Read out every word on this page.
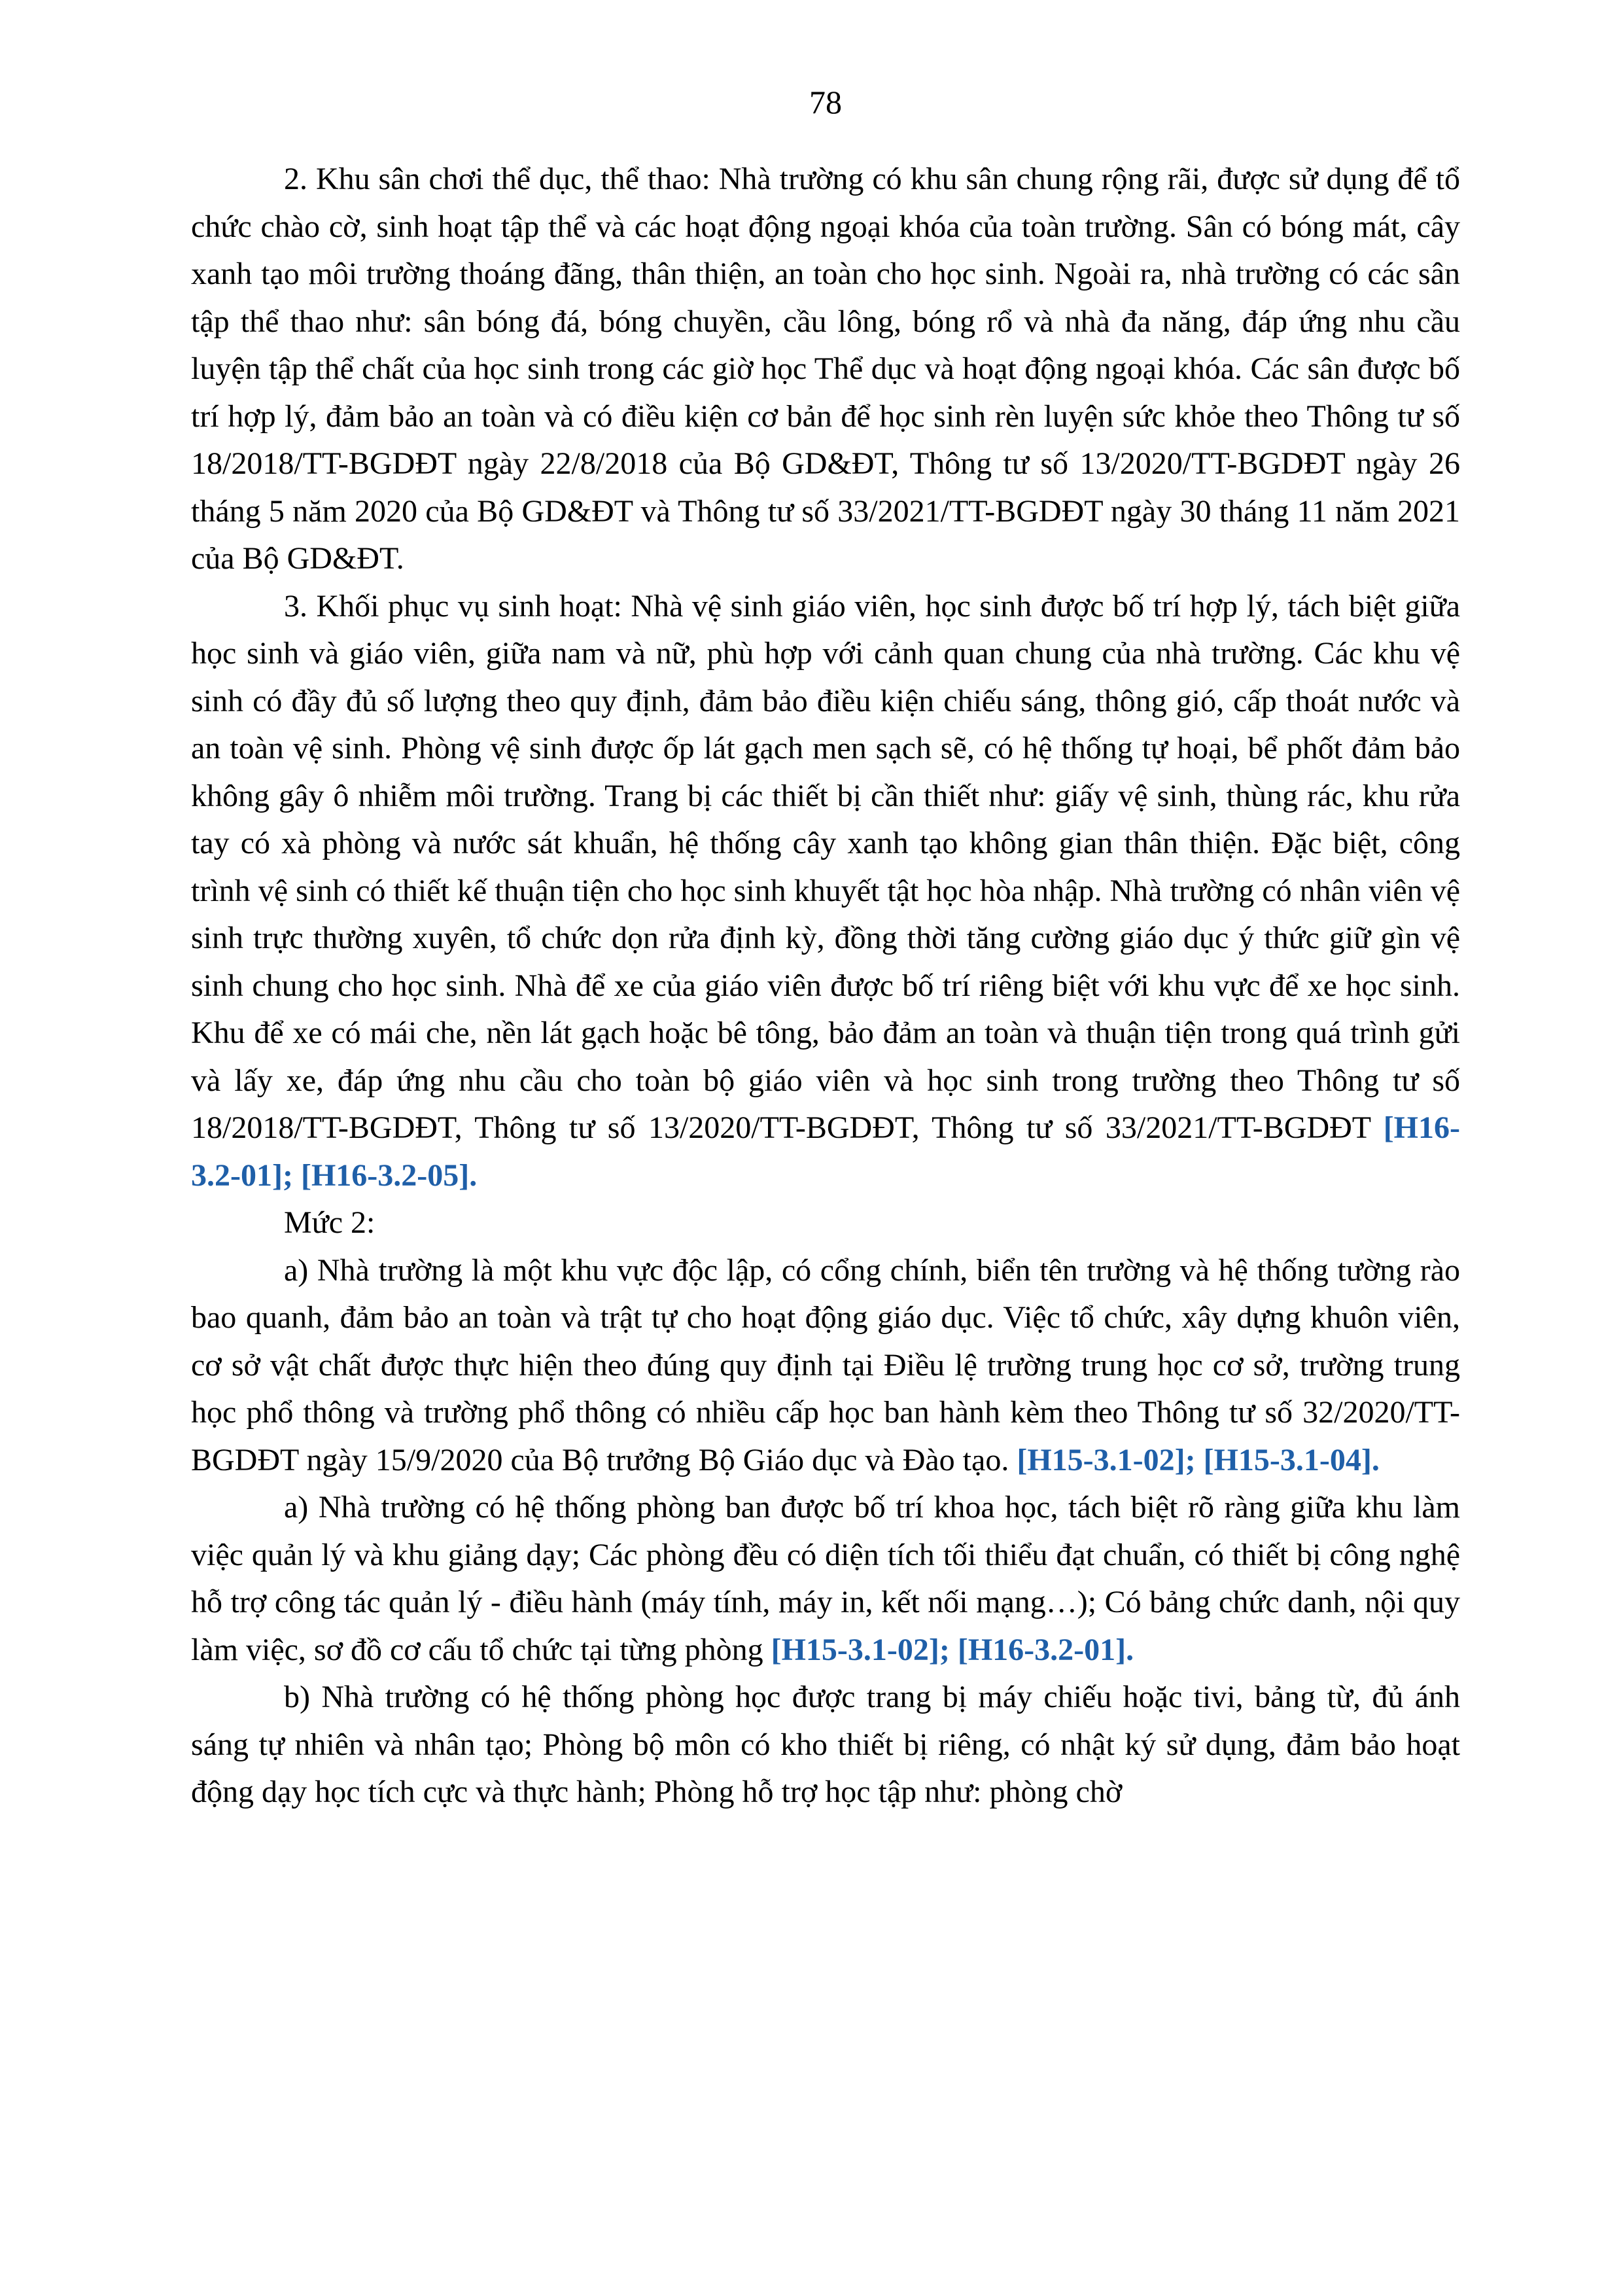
78

2. Khu sân chơi thể dục, thể thao: Nhà trường có khu sân chung rộng rãi, được sử dụng để tổ chức chào cờ, sinh hoạt tập thể và các hoạt động ngoại khóa của toàn trường. Sân có bóng mát, cây xanh tạo môi trường thoáng đãng, thân thiện, an toàn cho học sinh. Ngoài ra, nhà trường có các sân tập thể thao như: sân bóng đá, bóng chuyền, cầu lông, bóng rổ và nhà đa năng, đáp ứng nhu cầu luyện tập thể chất của học sinh trong các giờ học Thể dục và hoạt động ngoại khóa. Các sân được bố trí hợp lý, đảm bảo an toàn và có điều kiện cơ bản để học sinh rèn luyện sức khỏe theo Thông tư số 18/2018/TT-BGDĐT ngày 22/8/2018 của Bộ GD&ĐT, Thông tư số 13/2020/TT-BGDĐT ngày 26 tháng 5 năm 2020 của Bộ GD&ĐT và Thông tư số 33/2021/TT-BGDĐT ngày 30 tháng 11 năm 2021 của Bộ GD&ĐT.

3. Khối phục vụ sinh hoạt: Nhà vệ sinh giáo viên, học sinh được bố trí hợp lý, tách biệt giữa học sinh và giáo viên, giữa nam và nữ, phù hợp với cảnh quan chung của nhà trường. Các khu vệ sinh có đầy đủ số lượng theo quy định, đảm bảo điều kiện chiếu sáng, thông gió, cấp thoát nước và an toàn vệ sinh. Phòng vệ sinh được ốp lát gạch men sạch sẽ, có hệ thống tự hoại, bể phốt đảm bảo không gây ô nhiễm môi trường. Trang bị các thiết bị cần thiết như: giấy vệ sinh, thùng rác, khu rửa tay có xà phòng và nước sát khuẩn, hệ thống cây xanh tạo không gian thân thiện. Đặc biệt, công trình vệ sinh có thiết kế thuận tiện cho học sinh khuyết tật học hòa nhập. Nhà trường có nhân viên vệ sinh trực thường xuyên, tổ chức dọn rửa định kỳ, đồng thời tăng cường giáo dục ý thức giữ gìn vệ sinh chung cho học sinh. Nhà để xe của giáo viên được bố trí riêng biệt với khu vực để xe học sinh. Khu để xe có mái che, nền lát gạch hoặc bê tông, bảo đảm an toàn và thuận tiện trong quá trình gửi và lấy xe, đáp ứng nhu cầu cho toàn bộ giáo viên và học sinh trong trường theo Thông tư số 18/2018/TT-BGDĐT, Thông tư số 13/2020/TT-BGDĐT, Thông tư số 33/2021/TT-BGDĐT [H16-3.2-01]; [H16-3.2-05].

Mức 2:

a) Nhà trường là một khu vực độc lập, có cổng chính, biển tên trường và hệ thống tường rào bao quanh, đảm bảo an toàn và trật tự cho hoạt động giáo dục. Việc tổ chức, xây dựng khuôn viên, cơ sở vật chất được thực hiện theo đúng quy định tại Điều lệ trường trung học cơ sở, trường trung học phổ thông và trường phổ thông có nhiều cấp học ban hành kèm theo Thông tư số 32/2020/TT-BGDĐT ngày 15/9/2020 của Bộ trưởng Bộ Giáo dục và Đào tạo. [H15-3.1-02]; [H15-3.1-04].

a) Nhà trường có hệ thống phòng ban được bố trí khoa học, tách biệt rõ ràng giữa khu làm việc quản lý và khu giảng dạy; Các phòng đều có diện tích tối thiểu đạt chuẩn, có thiết bị công nghệ hỗ trợ công tác quản lý - điều hành (máy tính, máy in, kết nối mạng…); Có bảng chức danh, nội quy làm việc, sơ đồ cơ cấu tổ chức tại từng phòng [H15-3.1-02]; [H16-3.2-01].

b) Nhà trường có hệ thống phòng học được trang bị máy chiếu hoặc tivi, bảng từ, đủ ánh sáng tự nhiên và nhân tạo; Phòng bộ môn có kho thiết bị riêng, có nhật ký sử dụng, đảm bảo hoạt động dạy học tích cực và thực hành; Phòng hỗ trợ học tập như: phòng chờ
